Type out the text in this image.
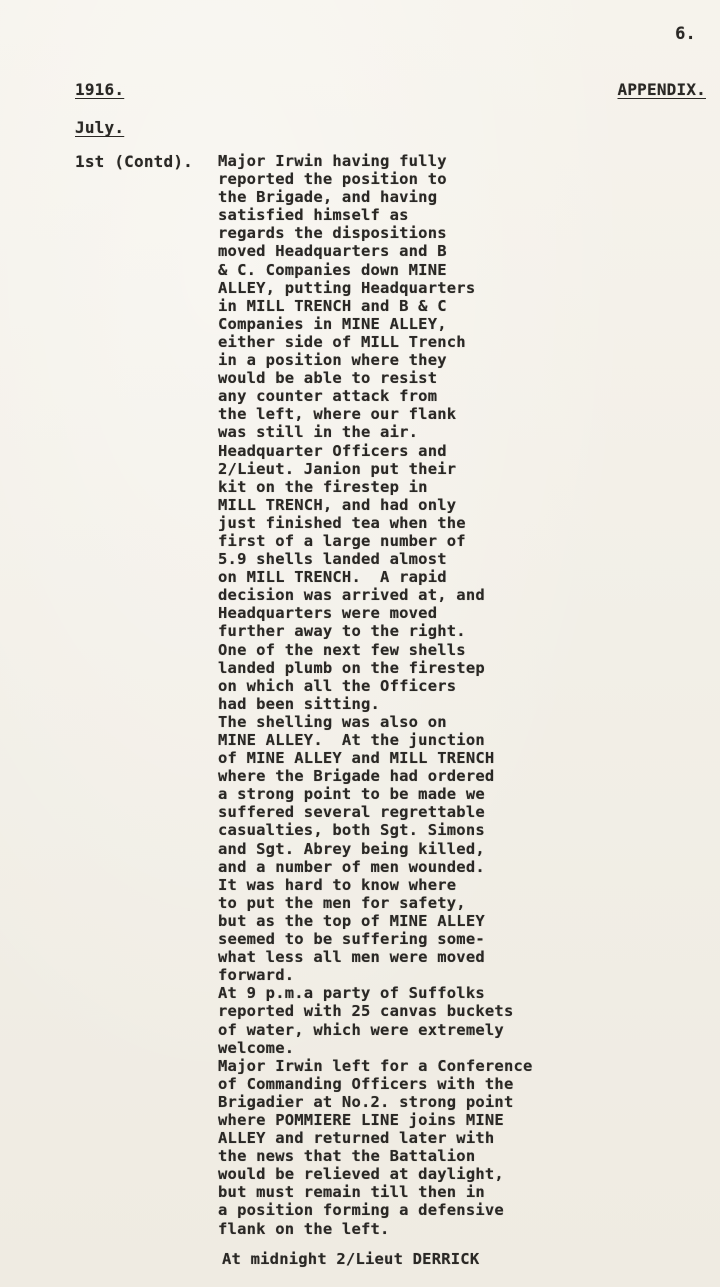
6.
1916.	APPENDIX.
July.
1st (Contd). Major Irwin having fully
reported the position to
the Brigade, and having
satisfied himself as
regards the dispositions
moved Headquarters and B
& C. Companies down MINE
ALLEY, putting Headquarters
in MILL TRENCH and B & C
Companies in MINE ALLEY,
either side of MILL Trench
in a position where they
would be able to resist
any counter attack from
the left, where our flank
was still in the air.
Headquarter Officers and
2/Lieut. Janion put their
kit on the firestep in
MILL TRENCH, and had only
just finished tea when the
first of a large number of
5.9 shells landed almost
on MILL TRENCH.  A rapid
decision was arrived at, and
Headquarters were moved
further away to the right.
One of the next few shells
landed plumb on the firestep
on which all the Officers
had been sitting.
The shelling was also on
MINE ALLEY.  At the junction
of MINE ALLEY and MILL TRENCH
where the Brigade had ordered
a strong point to be made we
suffered several regrettable
casualties, both Sgt. Simons
and Sgt. Abrey being killed,
and a number of men wounded.
It was hard to know where
to put the men for safety,
but as the top of MINE ALLEY
seemed to be suffering some-
what less all men were moved
forward.
At 9 p.m.a party of Suffolks
reported with 25 canvas buckets
of water, which were extremely
welcome.
Major Irwin left for a Conference
of Commanding Officers with the
Brigadier at No.2. strong point
where POMMIERE LINE joins MINE
ALLEY and returned later with
the news that the Battalion
would be relieved at daylight,
but must remain till then in
a position forming a defensive
flank on the left.
At midnight 2/Lieut DERRICK
